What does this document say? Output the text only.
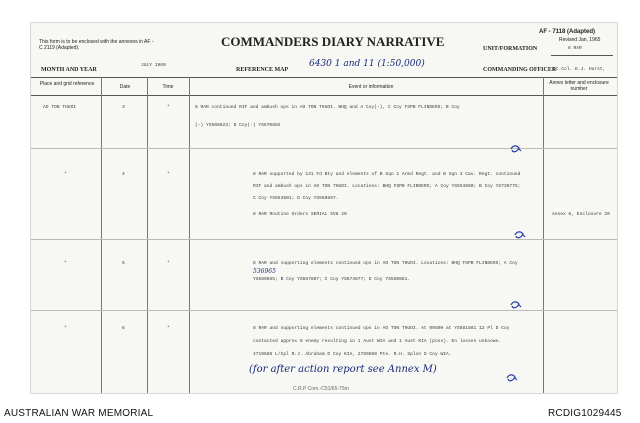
This form is to be enclosed with the annexes in AF - C 2119 (Adapted).	COMMANDERS DIARY NARRATIVE
AF - 7118 (Adapted)
Revised Jan, 1965
UNIT/FORMATION	8 RAR
MONTH AND YEAR
JULY 1969
REFERENCE MAP
6430 1 and 11 (1:50,000)
COMMANDING OFFICER
Lt.Col. K.J. Hurst,
Place and grid reference	Date	Time	Event or information
Annex letter and enclosure number
AO TON THUOI	3	*	8 RAR continued RIF and ambush ops in AO TON THUOI. BHQ and A Coy(-), C Coy FSPB FLINDERS; B Coy
(-) YS508823; D Coy(-) YS570892
*	4	*	8 RAR supported by 131 Fd Bty and elements of B Sqn 1 Armd Regt. and B Sqn 3 Cav. Regt. continued
RIF and ambush ops in AO TON THUOI. Locations: BHQ FSPB FLINDERS; A Coy YS553890; B Coy YS730775;
C Coy YS653801; D Coy YS569897.
8 RAR Routine Orders SERIAL SV8 20	Annex K, Enclosure 20
*	5	*	8 RAR and supporting elements continued ops in AO TON THUOI. Locations: BHQ FSPB FLINDERS; A Coy
536965
YS580855; B Coy YS567807; C Coy YS674877; D Coy YS550881.
*	6	*	8 RAR and supporting elements continued ops in AO TON THUOI. At 0050H at YS581881 12 Pl D Coy
contacted approx 6 enemy resulting in 1 Aust WIA and 1 Aust KIA (poss). En losses unknown.
4719585 L/Cpl R.J. Abraham D Coy KIA, 2789898 Pte. R.H. Splon D Coy WIA.
(for after action report see Annex M)
C.R.P Com.-C51/65-75m
AUSTRALIAN WAR MEMORIAL	RCDIG1029445
